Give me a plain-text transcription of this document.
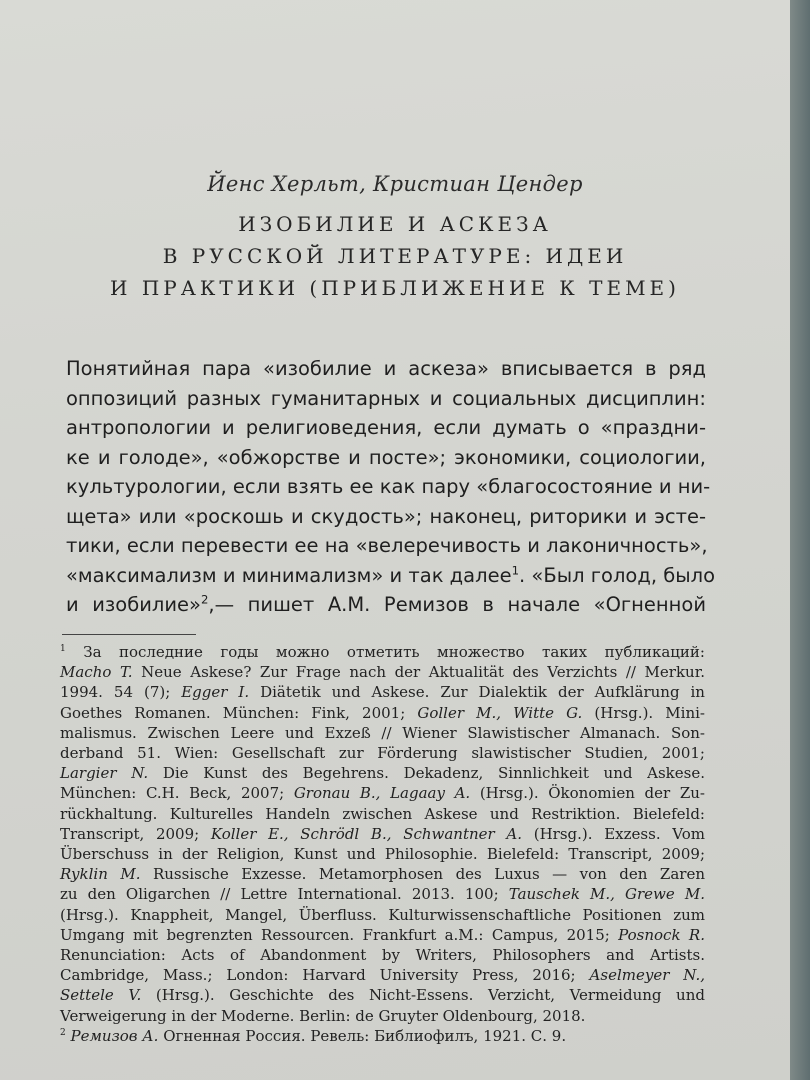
Йенс Херльт, Кристиан Цендер
ИЗОБИЛИЕ И АСКЕЗА
В РУССКОЙ ЛИТЕРАТУРЕ: ИДЕИ
И ПРАКТИКИ (ПРИБЛИЖЕНИЕ К ТЕМЕ)
Понятийная пара «изобилие и аскеза» вписывается в ряд
оппозиций разных гуманитарных и социальных дисциплин:
антропологии и религиоведения, если думать о «праздни-
ке и голоде», «обжорстве и посте»; экономики, социологии,
культурологии, если взять ее как пару «благосостояние и ни-
щета» или «роскошь и скудость»; наконец, риторики и эсте-
тики, если перевести ее на «велеречивость и лаконичность»,
«максимализм и минимализм» и так далее$^1$. «Был голод, было
и изобилие»$^2$,— пишет А.М. Ремизов в начале «Огненной
$^1$ За последние годы можно отметить множество таких публикаций:
Macho T. Neue Askese? Zur Frage nach der Aktualität des Verzichts // Merkur.
1994. 54 (7); Egger I. Diätetik und Askese. Zur Dialektik der Aufklärung in
Goethes Romanen. München: Fink, 2001; Goller M., Witte G. (Hrsg.). Mini-
malismus. Zwischen Leere und Exzeß // Wiener Slawistischer Almanach. Son-
derband 51. Wien: Gesellschaft zur Förderung slawistischer Studien, 2001;
Largier N. Die Kunst des Begehrens. Dekadenz, Sinnlichkeit und Askese.
München: C.H. Beck, 2007; Gronau B., Lagaay A. (Hrsg.). Ökonomien der Zu-
rückhaltung. Kulturelles Handeln zwischen Askese und Restriktion. Bielefeld:
Transcript, 2009; Koller E., Schrödl B., Schwantner A. (Hrsg.). Exzess. Vom
Überschuss in der Religion, Kunst und Philosophie. Bielefeld: Transcript, 2009;
Ryklin M. Russische Exzesse. Metamorphosen des Luxus — von den Zaren
zu den Oligarchen // Lettre International. 2013. 100; Tauschek M., Grewe M.
(Hrsg.). Knappheit, Mangel, Überfluss. Kulturwissenschaftliche Positionen zum
Umgang mit begrenzten Ressourcen. Frankfurt a.M.: Campus, 2015; Posnock R.
Renunciation: Acts of Abandonment by Writers, Philosophers and Artists.
Cambridge, Mass.; London: Harvard University Press, 2016; Aselmeyer N.,
Settele V. (Hrsg.). Geschichte des Nicht-Essens. Verzicht, Vermeidung und
Verweigerung in der Moderne. Berlin: de Gruyter Oldenbourg, 2018.
$^2$ Ремизов А. Огненная Россия. Ревель: Библиофилъ, 1921. С. 9.
